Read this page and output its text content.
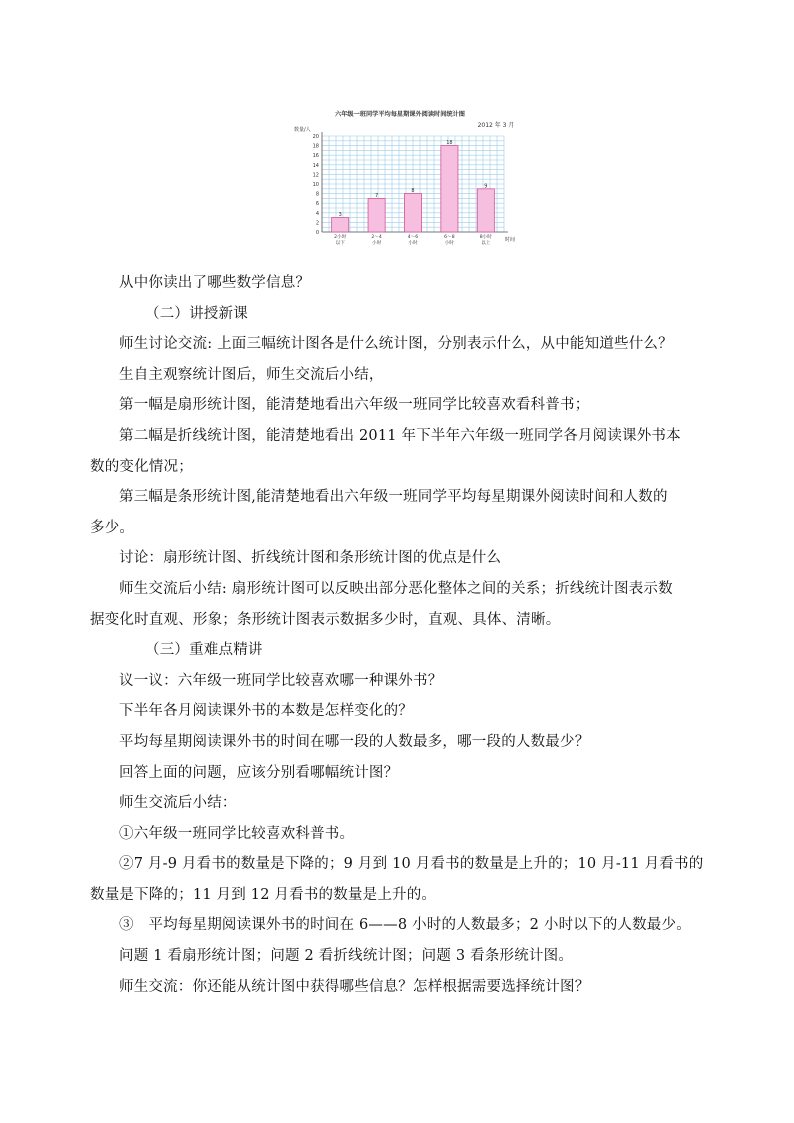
六年级一班同学平均每星期课外阅读时间统计图
2012 年 3 月
数量/人
时间
0
2
4
6
8
10
12
14
16
18
20
3
2小时
以下
7
2～4
小时
8
4～6
小时
18
6～8
小时
9
8小时
以上

从中你读出了哪些数学信息？

（二）讲授新课

师生讨论交流: 上面三幅统计图各是什么统计图，分别表示什么，从中能知道些什么？

生自主观察统计图后，师生交流后小结，

第一幅是扇形统计图，能清楚地看出六年级一班同学比较喜欢看科普书；

第二幅是折线统计图，能清楚地看出 2011 年下半年六年级一班同学各月阅读课外书本

数的变化情况；

第三幅是条形统计图,能清楚地看出六年级一班同学平均每星期课外阅读时间和人数的

多少。

讨论：扇形统计图、折线统计图和条形统计图的优点是什么

师生交流后小结: 扇形统计图可以反映出部分恶化整体之间的关系；折线统计图表示数

据变化时直观、形象；条形统计图表示数据多少时，直观、具体、清晰。

（三）重难点精讲

议一议：六年级一班同学比较喜欢哪一种课外书？

下半年各月阅读课外书的本数是怎样变化的？

平均每星期阅读课外书的时间在哪一段的人数最多，哪一段的人数最少？

回答上面的问题，应该分别看哪幅统计图？

师生交流后小结：

①六年级一班同学比较喜欢科普书。

②7 月-9 月看书的数量是下降的；9 月到 10 月看书的数量是上升的；10 月-11 月看书的

数量是下降的；11 月到 12 月看书的数量是上升的。

③　平均每星期阅读课外书的时间在 6——8 小时的人数最多；2 小时以下的人数最少。

问题 1 看扇形统计图；问题 2 看折线统计图；问题 3 看条形统计图。

师生交流：你还能从统计图中获得哪些信息？怎样根据需要选择统计图？
